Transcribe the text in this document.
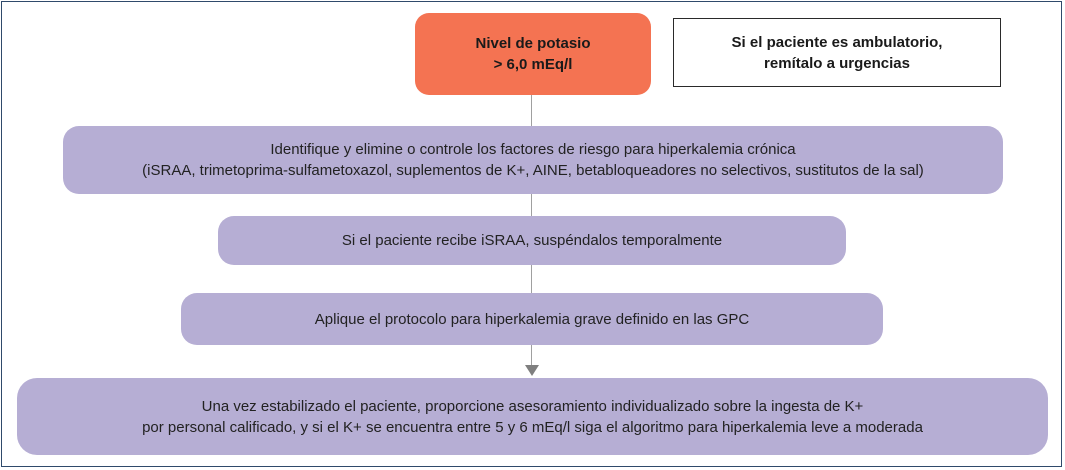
Nivel de potasio
> 6,0 mEq/l
Si el paciente es ambulatorio,
remítalo a urgencias
Identifique y elimine o controle los factores de riesgo para hiperkalemia crónica
(iSRAA, trimetoprima-sulfametoxazol, suplementos de K+, AINE, betabloqueadores no selectivos, sustitutos de la sal)
Si el paciente recibe iSRAA, suspéndalos temporalmente
Aplique el protocolo para hiperkalemia grave definido en las GPC
Una vez estabilizado el paciente, proporcione asesoramiento individualizado sobre la ingesta de K+
por personal calificado, y si el K+ se encuentra entre 5 y 6 mEq/l siga el algoritmo para hiperkalemia leve a moderada
